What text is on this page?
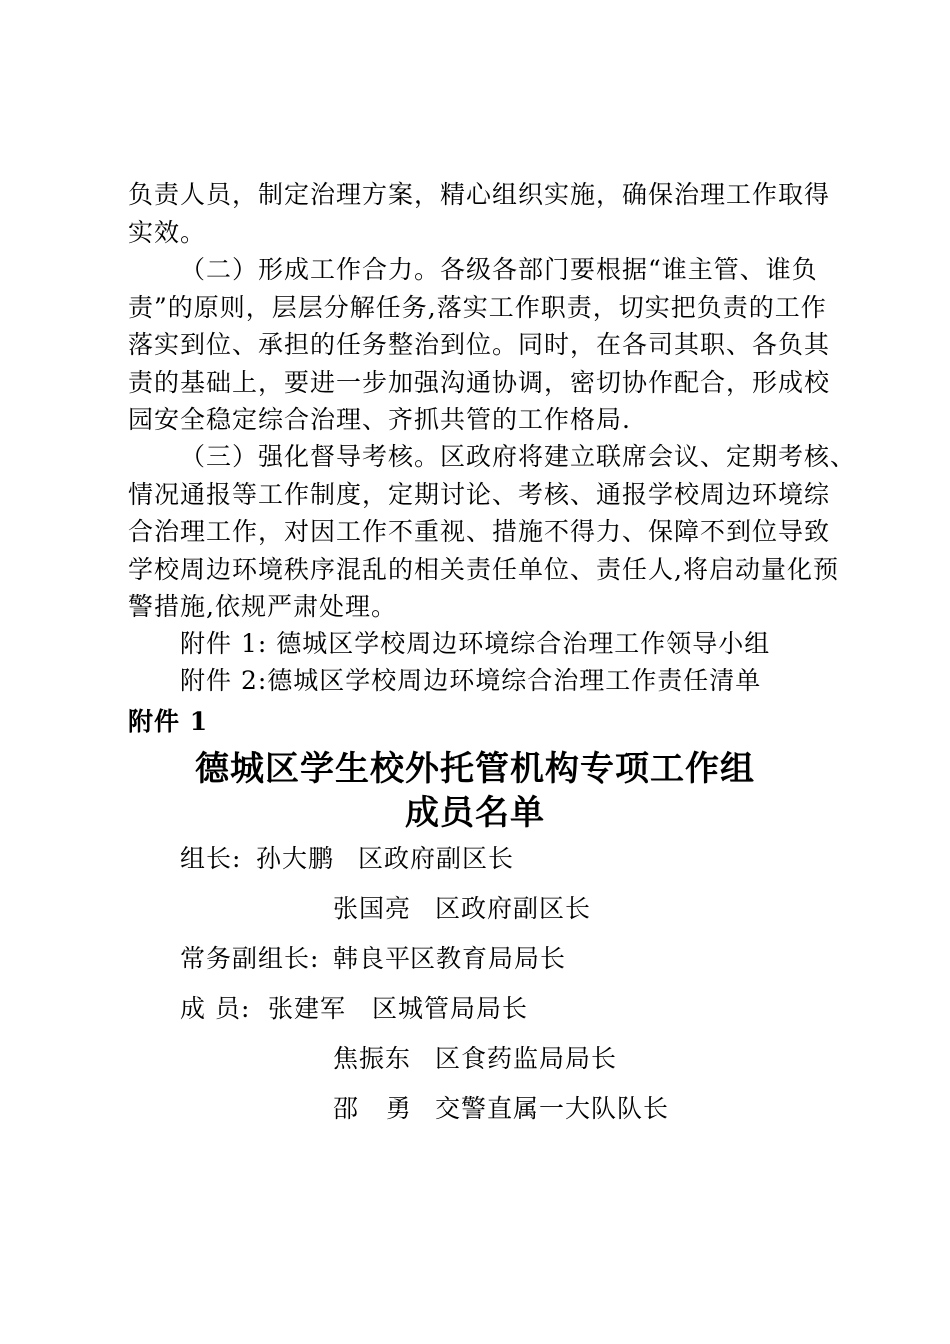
负责人员，制定治理方案，精心组织实施，确保治理工作取得
实效。
（二）形成工作合力。各级各部门要根据“谁主管、谁负
责”的原则，层层分解任务,落实工作职责，切实把负责的工作
落实到位、承担的任务整治到位。同时，在各司其职、各负其
责的基础上，要进一步加强沟通协调，密切协作配合，形成校
园安全稳定综合治理、齐抓共管的工作格局.
（三）强化督导考核。区政府将建立联席会议、定期考核、
情况通报等工作制度，定期讨论、考核、通报学校周边环境综
合治理工作，对因工作不重视、措施不得力、保障不到位导致
学校周边环境秩序混乱的相关责任单位、责任人,将启动量化预
警措施,依规严肃处理。
附件 1: 德城区学校周边环境综合治理工作领导小组
附件 2:德城区学校周边环境综合治理工作责任清单
附件 1
德城区学生校外托管机构专项工作组
成员名单
组长: 孙大鹏 区政府副区长
张国亮 区政府副区长
常务副组长: 韩良平
区教育局局长
成 员: 张建军 区城管局局长
焦振东 区食药监局局长
邵   勇 交警直属一大队队长
